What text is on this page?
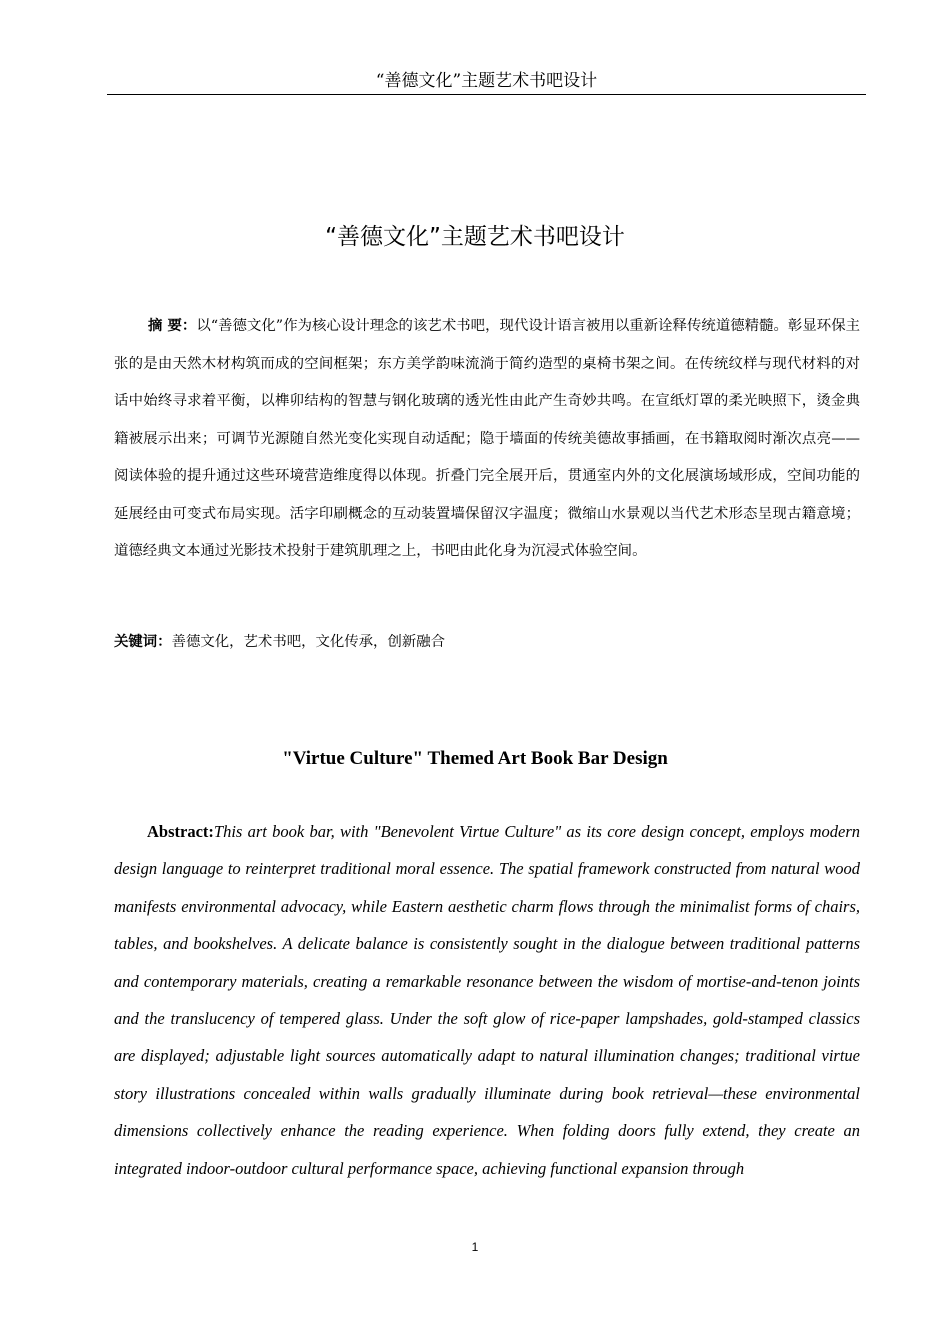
“善德文化”主题艺术书吧设计
“善德文化”主题艺术书吧设计

摘 要：以“善德文化”作为核心设计理念的该艺术书吧，现代设计语言被用以重新诠释传统道德精髓。彰显环保主张的是由天然木材构筑而成的空间框架；东方美学韵味流淌于简约造型的桌椅书架之间。在传统纹样与现代材料的对话中始终寻求着平衡，以榫卯结构的智慧与钢化玻璃的透光性由此产生奇妙共鸣。在宣纸灯罩的柔光映照下，烫金典籍被展示出来；可调节光源随自然光变化实现自动适配；隐于墙面的传统美德故事插画，在书籍取阅时渐次点亮——阅读体验的提升通过这些环境营造维度得以体现。折叠门完全展开后，贯通室内外的文化展演场域形成，空间功能的延展经由可变式布局实现。活字印刷概念的互动装置墙保留汉字温度；微缩山水景观以当代艺术形态呈现古籍意境；道德经典文本通过光影技术投射于建筑肌理之上，书吧由此化身为沉浸式体验空间。

关键词：善德文化，艺术书吧，文化传承，创新融合

"Virtue Culture" Themed Art Book Bar Design

Abstract:This art book bar, with "Benevolent Virtue Culture" as its core design concept, employs modern design language to reinterpret traditional moral essence. The spatial framework constructed from natural wood manifests environmental advocacy, while Eastern aesthetic charm flows through the minimalist forms of chairs, tables, and bookshelves. A delicate balance is consistently sought in the dialogue between traditional patterns and contemporary materials, creating a remarkable resonance between the wisdom of mortise-and-tenon joints and the translucency of tempered glass. Under the soft glow of rice-paper lampshades, gold-stamped classics are displayed; adjustable light sources automatically adapt to natural illumination changes; traditional virtue story illustrations concealed within walls gradually illuminate during book retrieval—these environmental dimensions collectively enhance the reading experience. When folding doors fully extend, they create an integrated indoor-outdoor cultural performance space, achieving functional expansion through

1
